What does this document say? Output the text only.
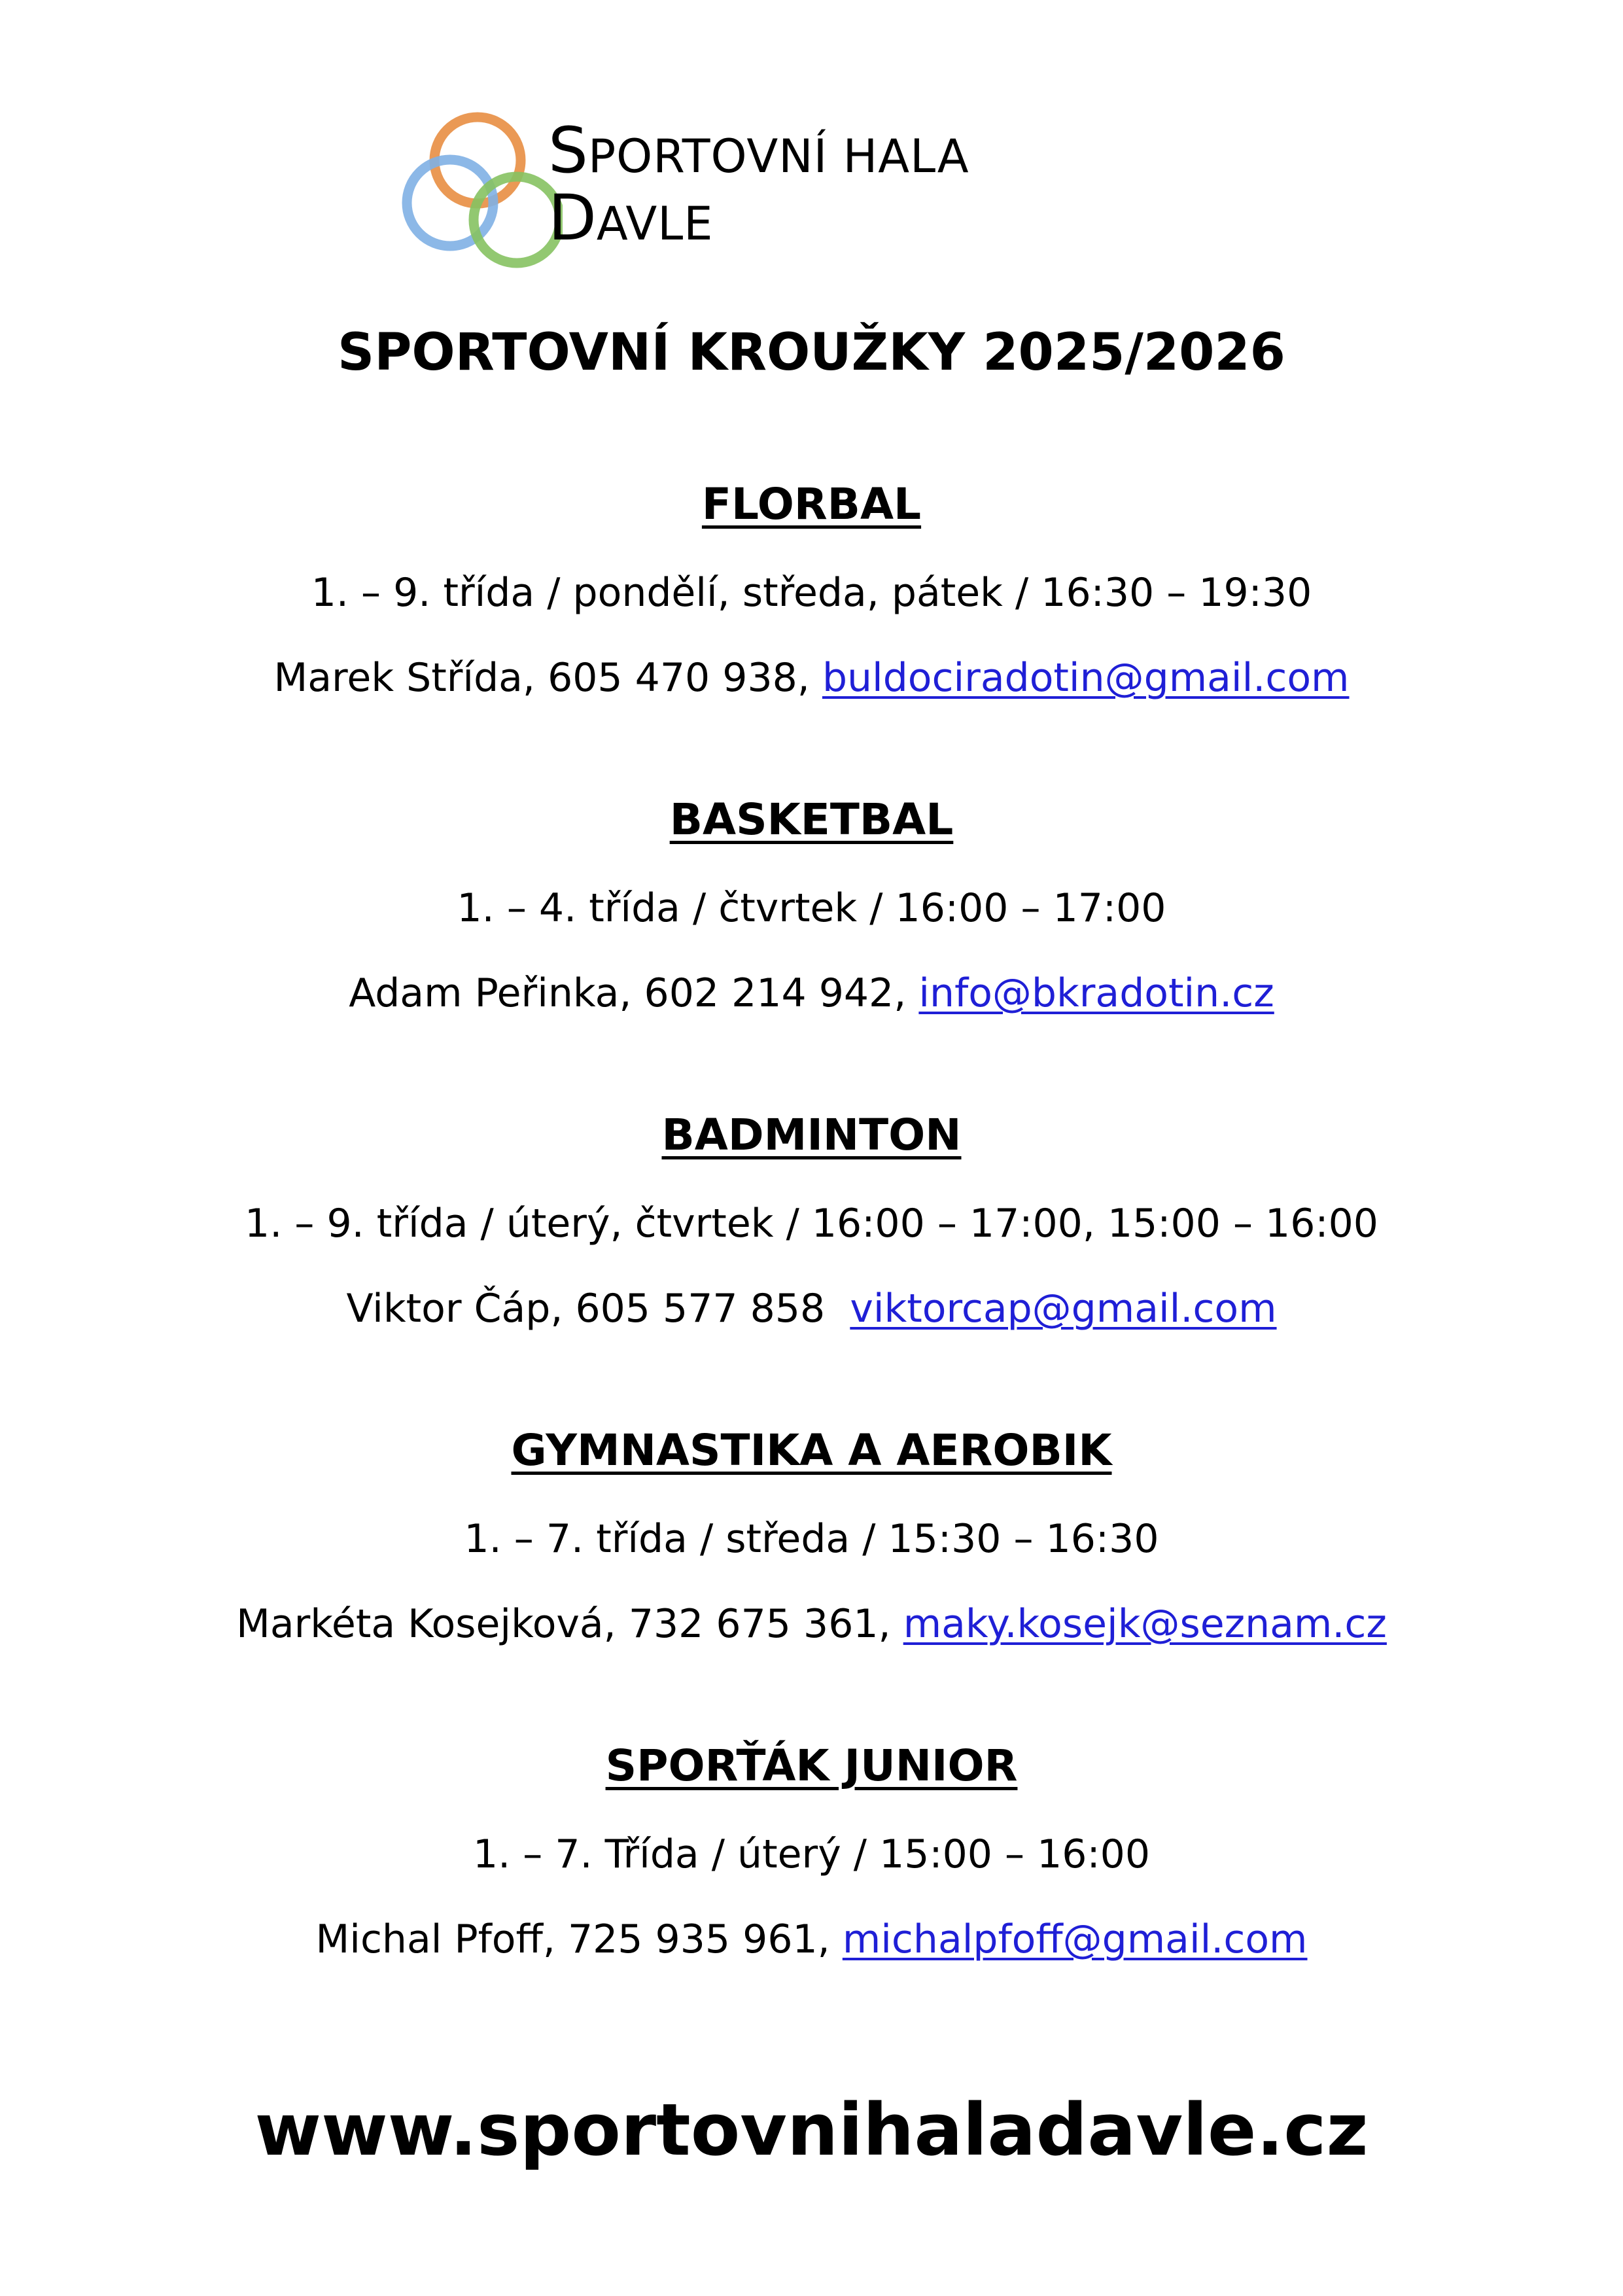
SPORTOVNÍ HALA
DAVLE
SPORTOVNÍ KROUŽKY 2025/2026
FLORBAL
1. – 9. třída / pondělí, středa, pátek / 16:30 – 19:30
Marek Střída, 605 470 938, buldociradotin@gmail.com
BASKETBAL
1. – 4. třída / čtvrtek / 16:00 – 17:00
Adam Peřinka, 602 214 942, info@bkradotin.cz
BADMINTON
1. – 9. třída / úterý, čtvrtek / 16:00 – 17:00, 15:00 – 16:00
Viktor Čáp, 605 577 858  viktorcap@gmail.com
GYMNASTIKA A AEROBIK
1. – 7. třída / středa / 15:30 – 16:30
Markéta Kosejková, 732 675 361, maky.kosejk@seznam.cz
SPORŤÁK JUNIOR
1. – 7. Třída / úterý / 15:00 – 16:00
Michal Pfoff, 725 935 961, michalpfoff@gmail.com
www.sportovnihaladavle.cz
